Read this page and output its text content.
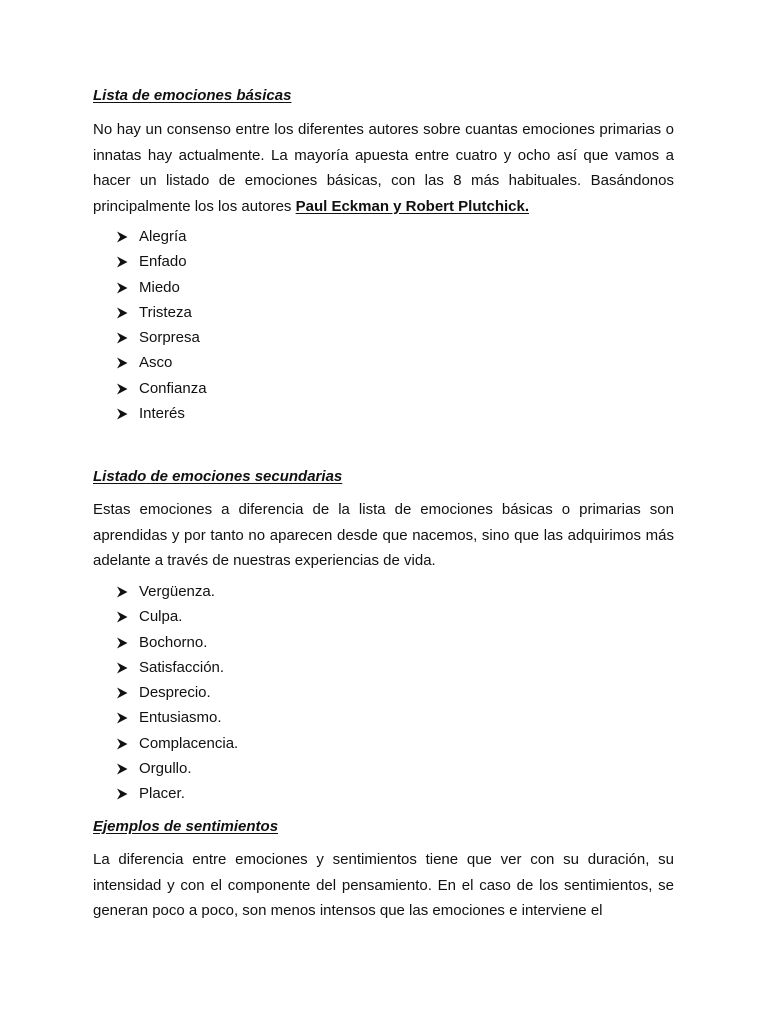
Lista de emociones básicas

No hay un consenso entre los diferentes autores sobre cuantas emociones primarias o innatas hay actualmente. La mayoría apuesta entre cuatro y ocho así que vamos a hacer un listado de emociones básicas, con las 8 más habituales. Basándonos principalmente los los autores Paul Eckman y Robert Plutchick.

Alegría
Enfado
Miedo
Tristeza
Sorpresa
Asco
Confianza
Interés
Listado de emociones secundarias

Estas emociones a diferencia de la lista de emociones básicas o primarias son aprendidas y por tanto no aparecen desde que nacemos, sino que las adquirimos más adelante a través de nuestras experiencias de vida.

Vergüenza.
Culpa.
Bochorno.
Satisfacción.
Desprecio.
Entusiasmo.
Complacencia.
Orgullo.
Placer.
Ejemplos de sentimientos

La diferencia entre emociones y sentimientos tiene que ver con su duración, su intensidad y con el componente del pensamiento. En el caso de los sentimientos, se generan poco a poco, son menos intensos que las emociones e interviene el
